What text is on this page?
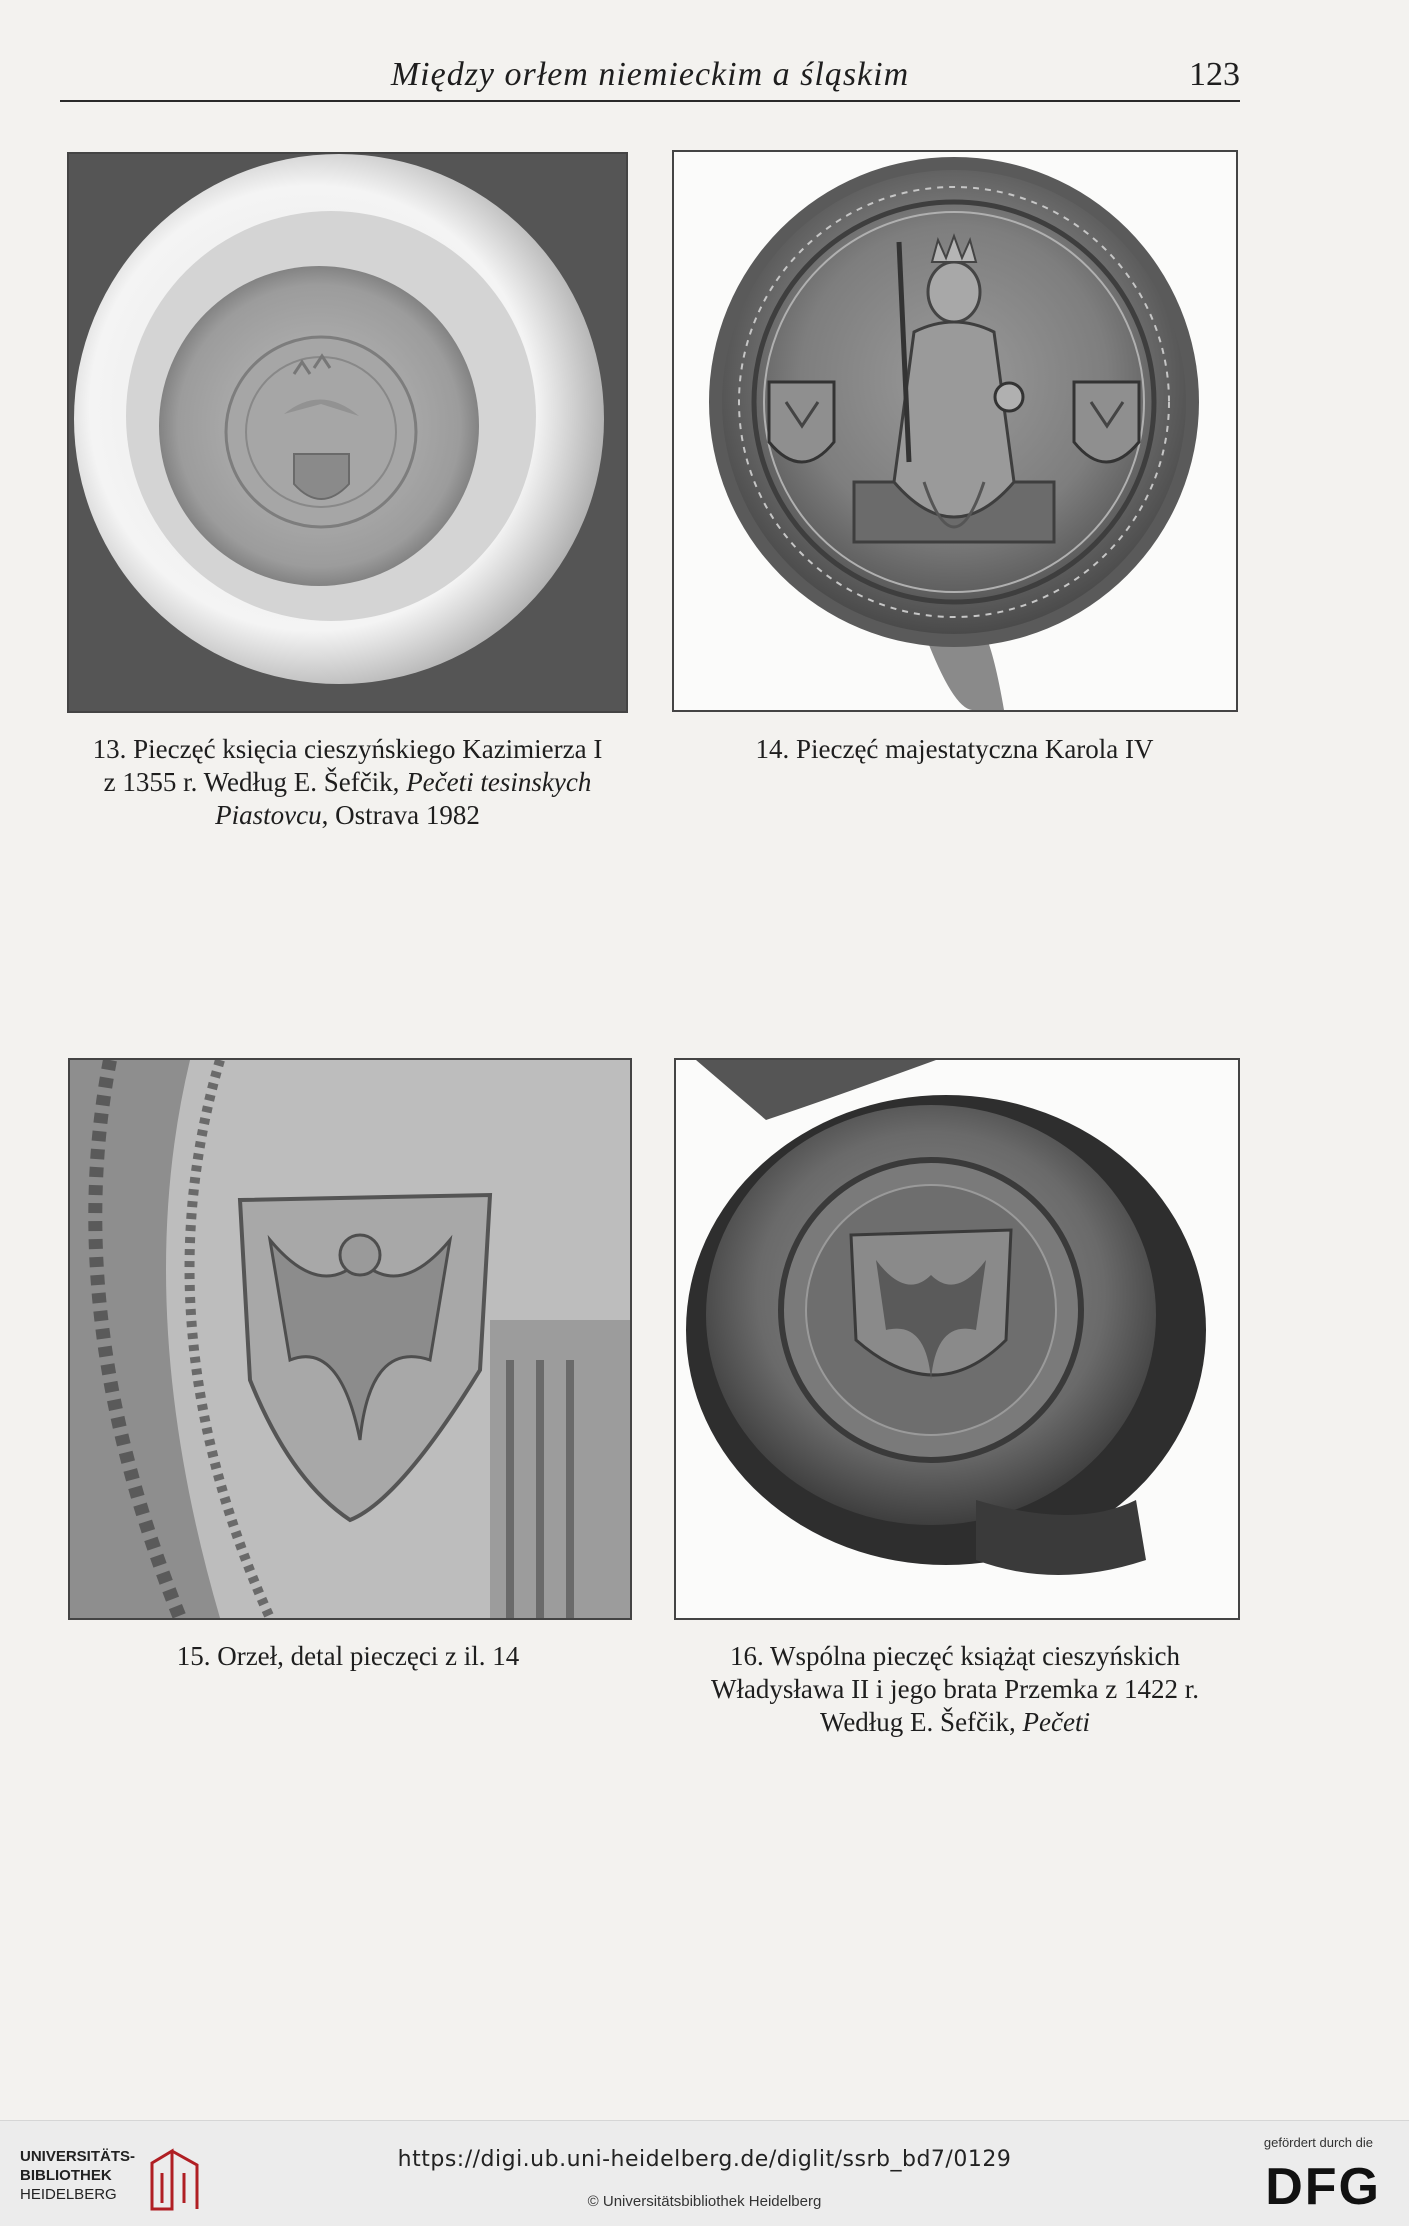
Między orłem niemieckim a śląskim	123
13. Pieczęć księcia cieszyńskiego Kazimierza I
z 1355 r. Według E. Šefčik, Pečeti tesinskych
Piastovcu, Ostrava 1982
14. Pieczęć majestatyczna Karola IV
15. Orzeł, detal pieczęci z il. 14	16. Wspólna pieczęć książąt cieszyńskich
Władysława II i jego brata Przemka z 1422 r.
Według E. Šefčik, Pečeti
UNIVERSITÄTS-
BIBLIOTHEK
HEIDELBERG
https://digi.ub.uni-heidelberg.de/diglit/ssrb_bd7/0129
© Universitätsbibliothek Heidelberg
gefördert durch die
DFG
